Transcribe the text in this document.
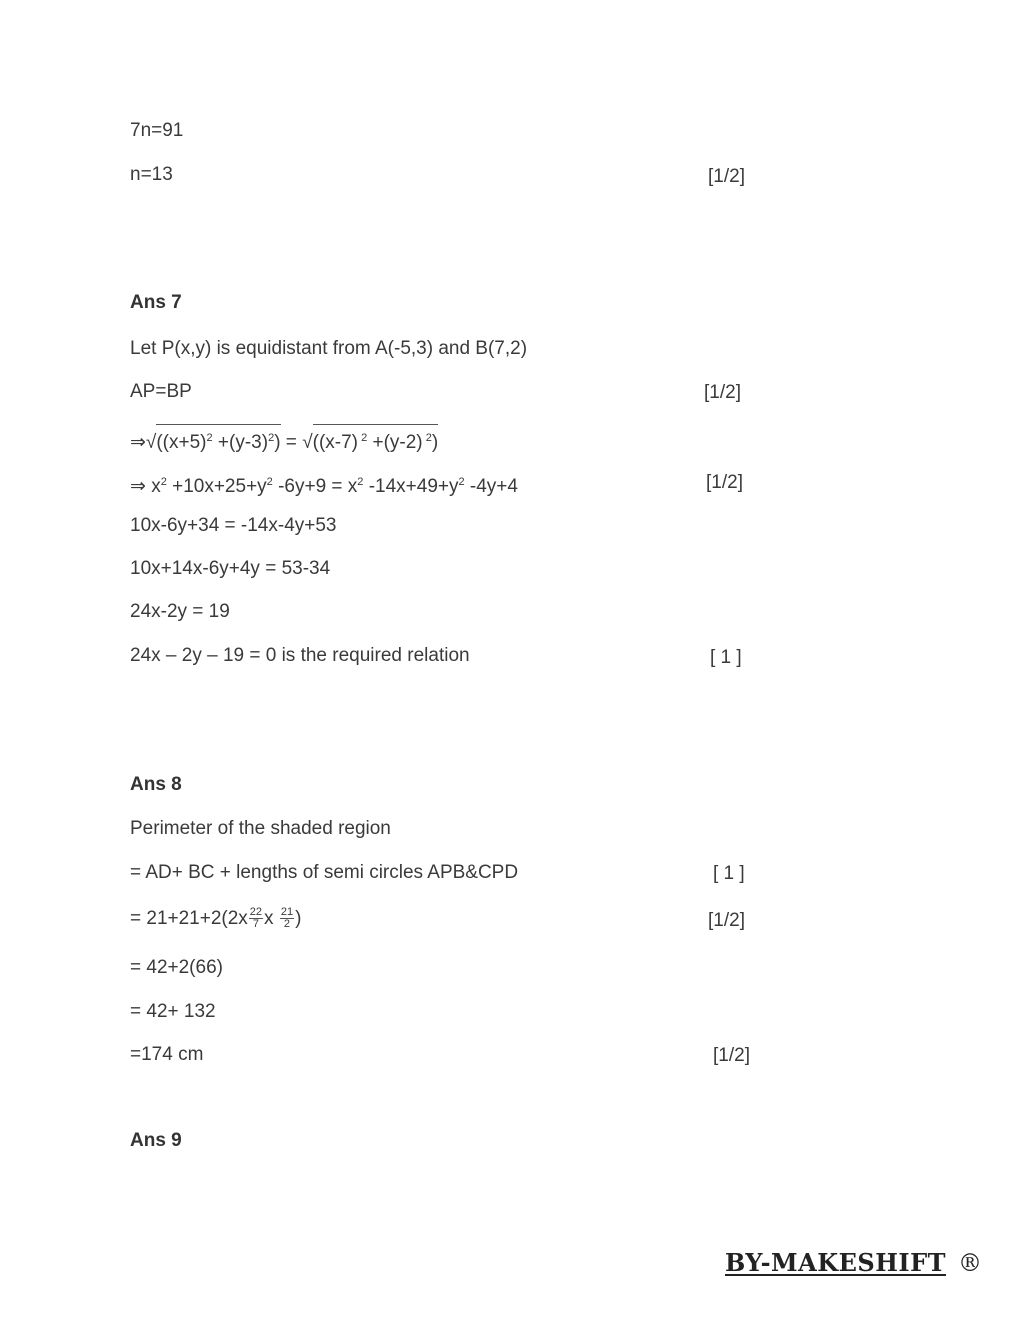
7n=91
n=13	[1/2]
Ans 7
Let P(x,y) is equidistant from A(-5,3) and B(7,2)
AP=BP	[1/2]
$\Rightarrow√((x+5)^2 +(y-3)^2) = √((x-7)$ $^2$ +(y-2) $^2$)
⇒ $x^2 +10x+25+y^2$ $-6y+9 = x^2$ $-14x+49+y^2$ -4y+4	[1/2]
10x-6y+34 = -14x-4y+53
10x+14x-6y+4y = 53-34
24x-2y = 19
24x – 2y – 19 = 0 is the required relation	[ 1 ]
Ans 8
Perimeter of the shaded region
= AD+ BC + lengths of semi circles APB&CPD	[ 1 ]
= $21+21+2(2x \frac{22}{7}$ x $\frac{21}{2}$ )	[1/2]
= 42+2(66)
= 42+ 132
=174 cm	[1/2]
Ans 9
BY-MAKESHIFT ®
